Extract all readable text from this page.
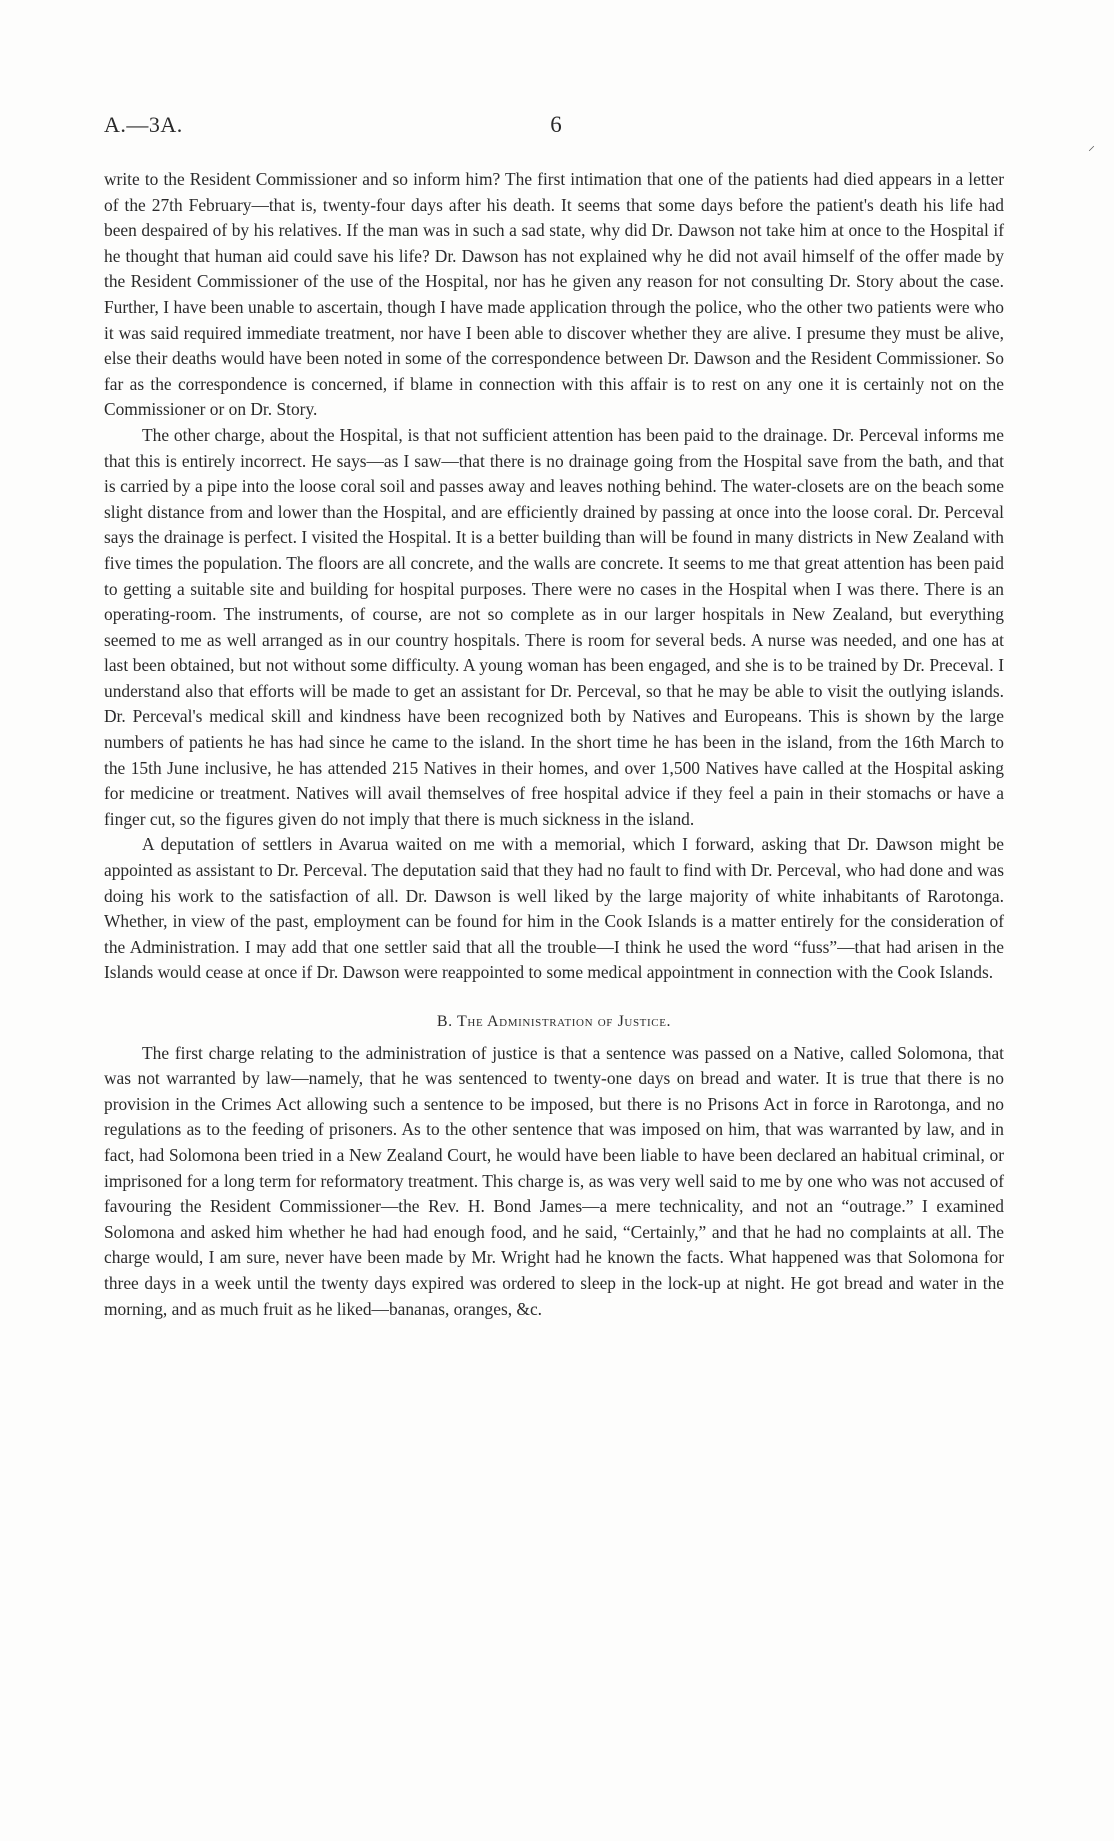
A.—3A.	6
⸝

write to the Resident Commissioner and so inform him? The first intimation that one of the patients had died appears in a letter of the 27th February—that is, twenty-four days after his death. It seems that some days before the patient's death his life had been despaired of by his relatives. If the man was in such a sad state, why did Dr. Dawson not take him at once to the Hospital if he thought that human aid could save his life? Dr. Dawson has not explained why he did not avail himself of the offer made by the Resident Commissioner of the use of the Hospital, nor has he given any reason for not consulting Dr. Story about the case. Further, I have been unable to ascertain, though I have made application through the police, who the other two patients were who it was said required immediate treatment, nor have I been able to discover whether they are alive. I presume they must be alive, else their deaths would have been noted in some of the correspondence between Dr. Dawson and the Resident Commissioner. So far as the correspondence is concerned, if blame in connection with this affair is to rest on any one it is certainly not on the Commissioner or on Dr. Story.

The other charge, about the Hospital, is that not sufficient attention has been paid to the drainage. Dr. Perceval informs me that this is entirely incorrect. He says—as I saw—that there is no drainage going from the Hospital save from the bath, and that is carried by a pipe into the loose coral soil and passes away and leaves nothing behind. The water-closets are on the beach some slight distance from and lower than the Hospital, and are efficiently drained by passing at once into the loose coral. Dr. Perceval says the drainage is perfect. I visited the Hospital. It is a better building than will be found in many districts in New Zealand with five times the population. The floors are all concrete, and the walls are concrete. It seems to me that great attention has been paid to getting a suitable site and building for hospital purposes. There were no cases in the Hospital when I was there. There is an operating-room. The instruments, of course, are not so complete as in our larger hospitals in New Zealand, but everything seemed to me as well arranged as in our country hospitals. There is room for several beds. A nurse was needed, and one has at last been obtained, but not without some difficulty. A young woman has been engaged, and she is to be trained by Dr. Preceval. I understand also that efforts will be made to get an assistant for Dr. Perceval, so that he may be able to visit the outlying islands. Dr. Perceval's medical skill and kindness have been recognized both by Natives and Europeans. This is shown by the large numbers of patients he has had since he came to the island. In the short time he has been in the island, from the 16th March to the 15th June inclusive, he has attended 215 Natives in their homes, and over 1,500 Natives have called at the Hospital asking for medicine or treatment. Natives will avail themselves of free hospital advice if they feel a pain in their stomachs or have a finger cut, so the figures given do not imply that there is much sickness in the island.

A deputation of settlers in Avarua waited on me with a memorial, which I forward, asking that Dr. Dawson might be appointed as assistant to Dr. Perceval. The deputation said that they had no fault to find with Dr. Perceval, who had done and was doing his work to the satisfaction of all. Dr. Dawson is well liked by the large majority of white inhabitants of Rarotonga. Whether, in view of the past, employment can be found for him in the Cook Islands is a matter entirely for the consideration of the Administration. I may add that one settler said that all the trouble—I think he used the word “fuss”—that had arisen in the Islands would cease at once if Dr. Dawson were reappointed to some medical appointment in connection with the Cook Islands.

B. The Administration of Justice.

The first charge relating to the administration of justice is that a sentence was passed on a Native, called Solomona, that was not warranted by law—namely, that he was sentenced to twenty-one days on bread and water. It is true that there is no provision in the Crimes Act allowing such a sentence to be imposed, but there is no Prisons Act in force in Rarotonga, and no regulations as to the feeding of prisoners. As to the other sentence that was imposed on him, that was warranted by law, and in fact, had Solomona been tried in a New Zealand Court, he would have been liable to have been declared an habitual criminal, or imprisoned for a long term for reformatory treatment. This charge is, as was very well said to me by one who was not accused of favouring the Resident Commissioner—the Rev. H. Bond James—a mere technicality, and not an “outrage.” I examined Solomona and asked him whether he had had enough food, and he said, “Certainly,” and that he had no complaints at all. The charge would, I am sure, never have been made by Mr. Wright had he known the facts. What happened was that Solomona for three days in a week until the twenty days expired was ordered to sleep in the lock-up at night. He got bread and water in the morning, and as much fruit as he liked—bananas, oranges, &c.
